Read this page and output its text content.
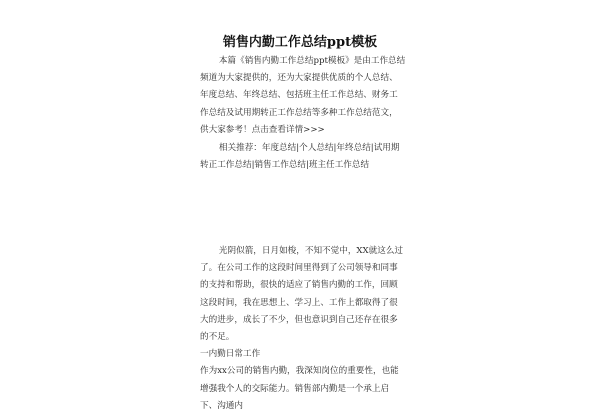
销售内勤工作总结ppt模板

本篇《销售内勤工作总结ppt模板》是由工作总结频道为大家提供的，还为大家提供优质的个人总结、年度总结、年终总结、包括班主任工作总结、财务工作总结及试用期转正工作总结等多种工作总结范文，供大家参考！点击查看详情>>>

相关推荐：年度总结|个人总结|年终总结|试用期转正工作总结|销售工作总结|班主任工作总结

光阴似箭，日月如梭，不知不觉中，XX就这么过了。在公司工作的这段时间里得到了公司领导和同事的支持和帮助，很快的适应了销售内勤的工作，回顾这段时间，我在思想上、学习上、工作上都取得了很大的进步，成长了不少，但也意识到自己还存在很多的不足。

一内勤日常工作

作为xx公司的销售内勤，我深知岗位的重要性，也能增强我个人的交际能力。销售部内勤是一个承上启下、沟通内
